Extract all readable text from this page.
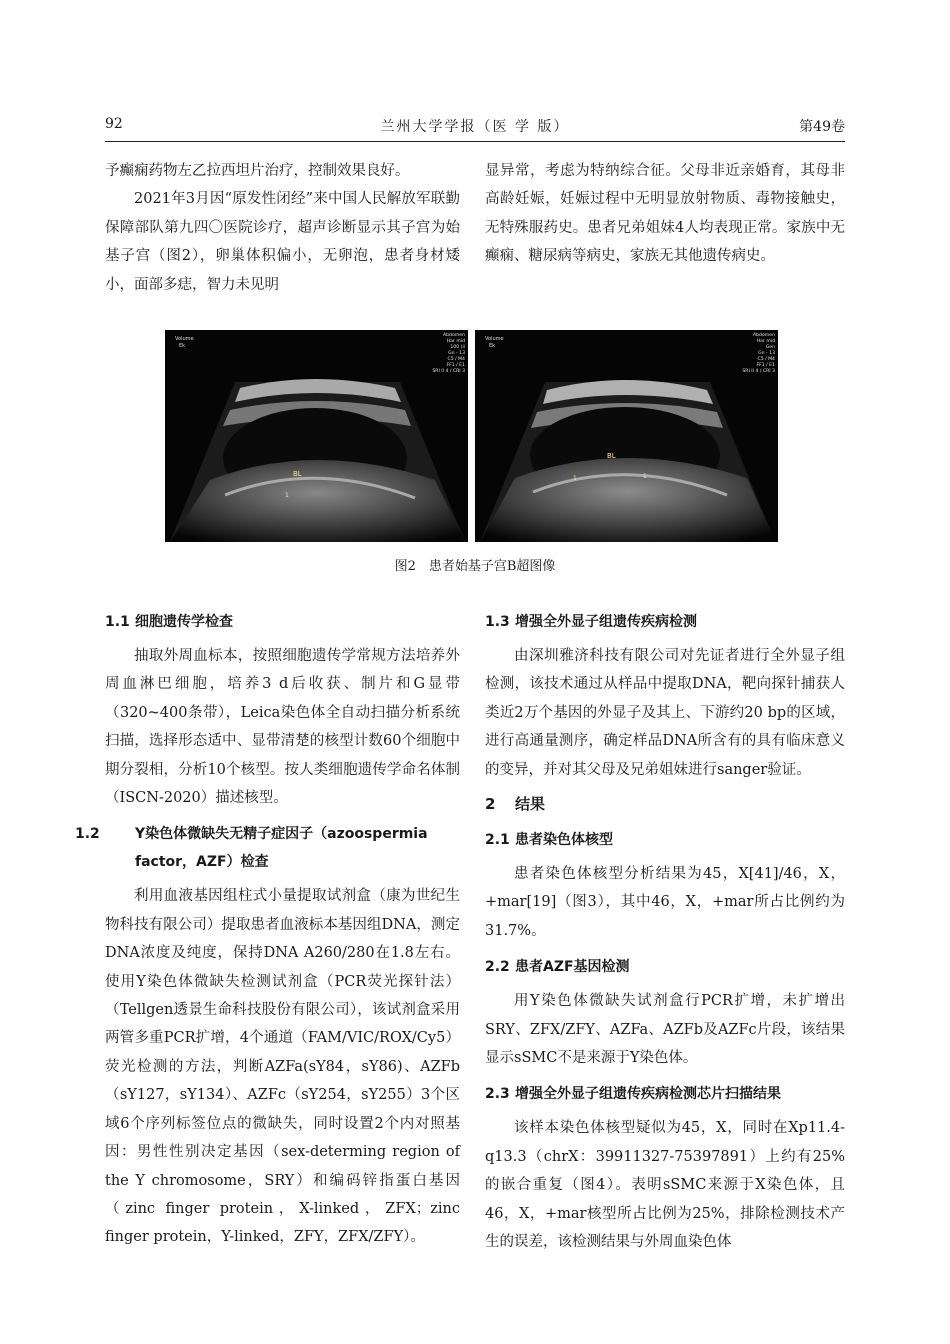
92	兰州大学学报（医 学 版）	第49卷

予癫痫药物左乙拉西坦片治疗，控制效果良好。

2021年3月因“原发性闭经”来中国人民解放军联勤保障部队第九四〇医院诊疗，超声诊断显示其子宫为始基子宫（图2），卵巢体积偏小，无卵泡，患者身材矮小，面部多痣，智力未见明

显异常，考虑为特纳综合征。父母非近亲婚育，其母非高龄妊娠，妊娠过程中无明显放射物质、毒物接触史，无特殊服药史。患者兄弟姐妹4人均表现正常。家族中无癫痫、糖尿病等病史，家族无其他遗传病史。

Volume
Ek
Abdomen
Har mid
100 (ii
Gn - 13
C5 / M4
FF1 / E1
SRI II 4 / CRI 3
BL
1
Volume
Ek
Abdomen
Har mid
Gen
Gn - 13
C5 / M4
FF1 / E1
SRI II 4 / CRI 3
BL
1	1
图2　患者始基子宫B超图像
1.1 细胞遗传学检查

抽取外周血标本，按照细胞遗传学常规方法培养外周血淋巴细胞，培养3 d后收获、制片和G显带（320~400条带），Leica染色体全自动扫描分析系统扫描，选择形态适中、显带清楚的核型计数60个细胞中期分裂相，分析10个核型。按人类细胞遗传学命名体制（ISCN-2020）描述核型。

1.2	Y染色体微缺失无精子症因子（azoospermia factor，AZF）检查

利用血液基因组柱式小量提取试剂盒（康为世纪生物科技有限公司）提取患者血液标本基因组DNA，测定DNA浓度及纯度，保持DNA A260/280在1.8左右。使用Y染色体微缺失检测试剂盒（PCR荧光探针法）（Tellgen透景生命科技股份有限公司），该试剂盒采用两管多重PCR扩增，4个通道（FAM/VIC/ROX/Cy5）荧光检测的方法，判断AZFa(sY84，sY86)、AZFb（sY127，sY134）、AZFc（sY254，sY255）3个区域6个序列标签位点的微缺失，同时设置2个内对照基因：男性性别决定基因（sex-determing region of the Y chromosome，SRY）和编码锌指蛋白基因（zinc finger protein，X-linked，ZFX；zinc finger protein，Y-linked，ZFY，ZFX/ZFY）。

1.3 增强全外显子组遗传疾病检测

由深圳雅济科技有限公司对先证者进行全外显子组检测，该技术通过从样品中提取DNA，靶向探针捕获人类近2万个基因的外显子及其上、下游约20 bp的区域，进行高通量测序，确定样品DNA所含有的具有临床意义的变异，并对其父母及兄弟姐妹进行sanger验证。

2 结果
2.1 患者染色体核型

患者染色体核型分析结果为45，X[41]/46，X，+mar[19]（图3），其中46，X，+mar所占比例约为31.7%。

2.2 患者AZF基因检测

用Y染色体微缺失试剂盒行PCR扩增，未扩增出SRY、ZFX/ZFY、AZFa、AZFb及AZFc片段，该结果显示sSMC不是来源于Y染色体。

2.3 增强全外显子组遗传疾病检测芯片扫描结果

该样本染色体核型疑似为45，X，同时在Xp11.4-q13.3（chrX：39911327-75397891）上约有25%的嵌合重复（图4）。表明sSMC来源于X染色体，且46，X，+mar核型所占比例为25%，排除检测技术产生的误差，该检测结果与外周血染色体
